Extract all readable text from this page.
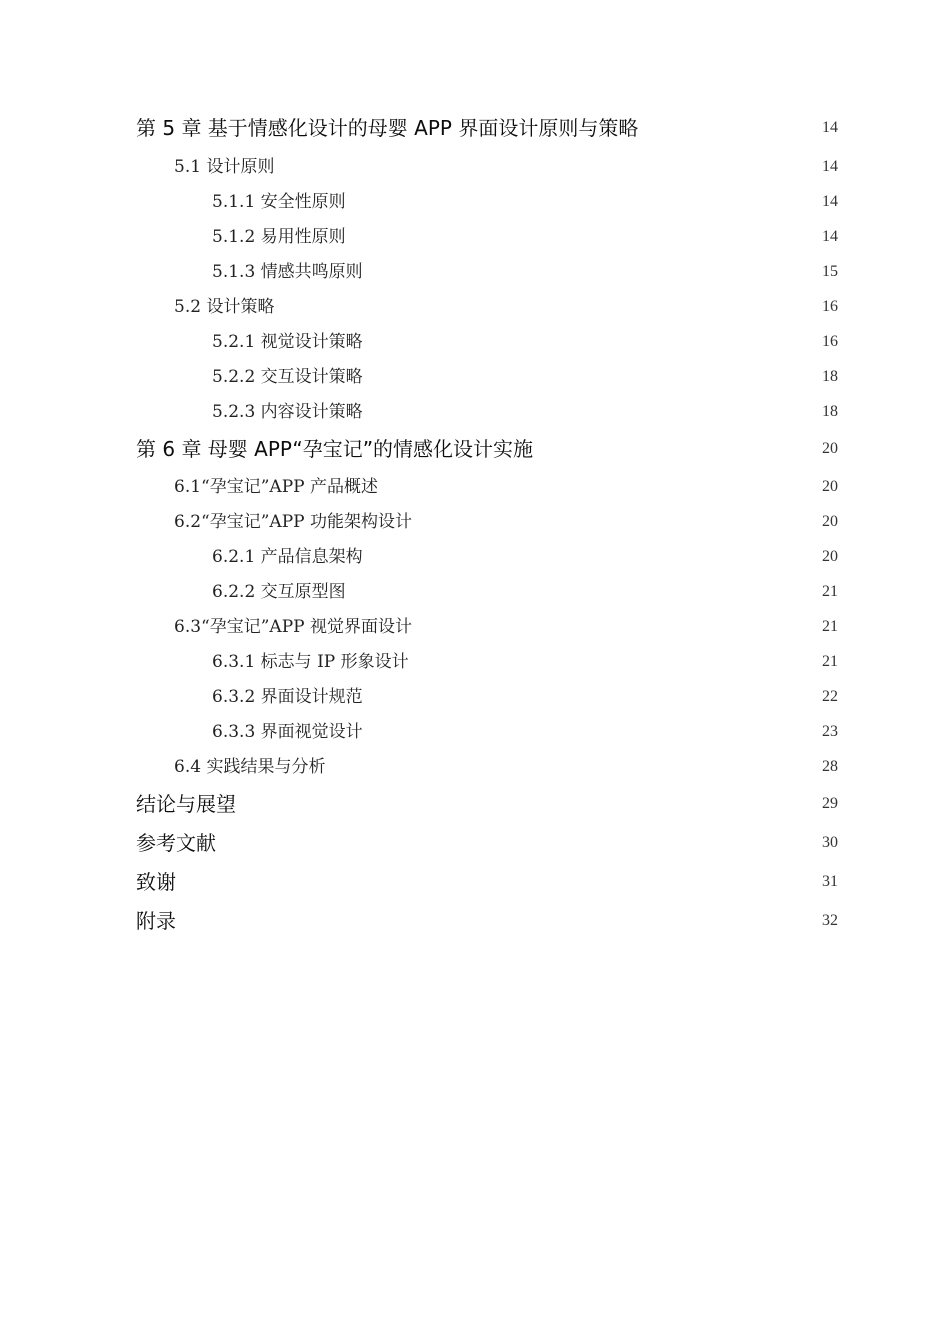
第 5 章 基于情感化设计的母婴 APP 界面设计原则与策略	14
5.1 设计原则	14
5.1.1 安全性原则	14
5.1.2 易用性原则	14
5.1.3 情感共鸣原则	15
5.2 设计策略	16
5.2.1 视觉设计策略	16
5.2.2 交互设计策略	18
5.2.3 内容设计策略	18
第 6 章 母婴 APP“孕宝记”的情感化设计实施	20
6.1“孕宝记”APP 产品概述	20
6.2“孕宝记”APP 功能架构设计	20
6.2.1 产品信息架构	20
6.2.2 交互原型图	21
6.3“孕宝记”APP 视觉界面设计	21
6.3.1 标志与 IP 形象设计	21
6.3.2 界面设计规范	22
6.3.3 界面视觉设计	23
6.4 实践结果与分析	28
结论与展望	29
参考文献	30
致谢	31
附录	32
